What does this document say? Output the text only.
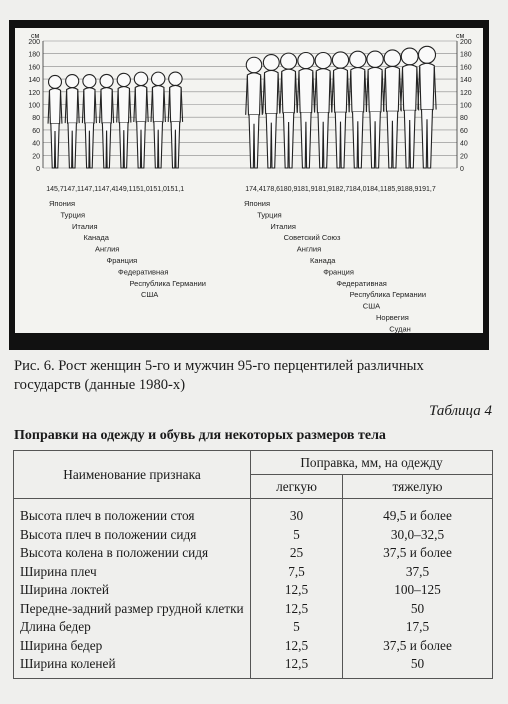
200	200
180	180
160	160
140	140
120	120
100	100
80	80
60	60
40	40
20	20
0	0
см	см
145,7 147,1 147,1 147,4 149,1 151,0 151,0 151,1	174,4 178,6 180,9 181,9 181,9 182,7 184,0 184,1 185,9 188,9 191,7
Япония
Турция
Италия
Канада
Англия
Франция
Федеративная
Республика Германии
США
Япония
Турция
Италия
Советский Союз
Англия
Канада
Франция
Федеративная
Республика Германии
США
Норвегия
Судан
Рис. 6. Рост женщин 5-го и мужчин 95-го перцентилей различных государств (данные 1980-х)
Таблица 4
Поправки на одежду и обувь для некоторых размеров тела
Наименование признака	Поправка, мм, на одежду	
	легкую	тяжелую
Высота плеч в положении стоя	30	49,5 и более
Высота плеч в положении сидя	5	30,0–32,5
Высота колена в положении сидя	25	37,5 и более
Ширина плеч	7,5	37,5
Ширина локтей	12,5	100–125
Передне-задний размер грудной клетки	12,5	50
Длина бедер	5	17,5
Ширина бедер	12,5	37,5 и более
Ширина коленей	12,5	50
